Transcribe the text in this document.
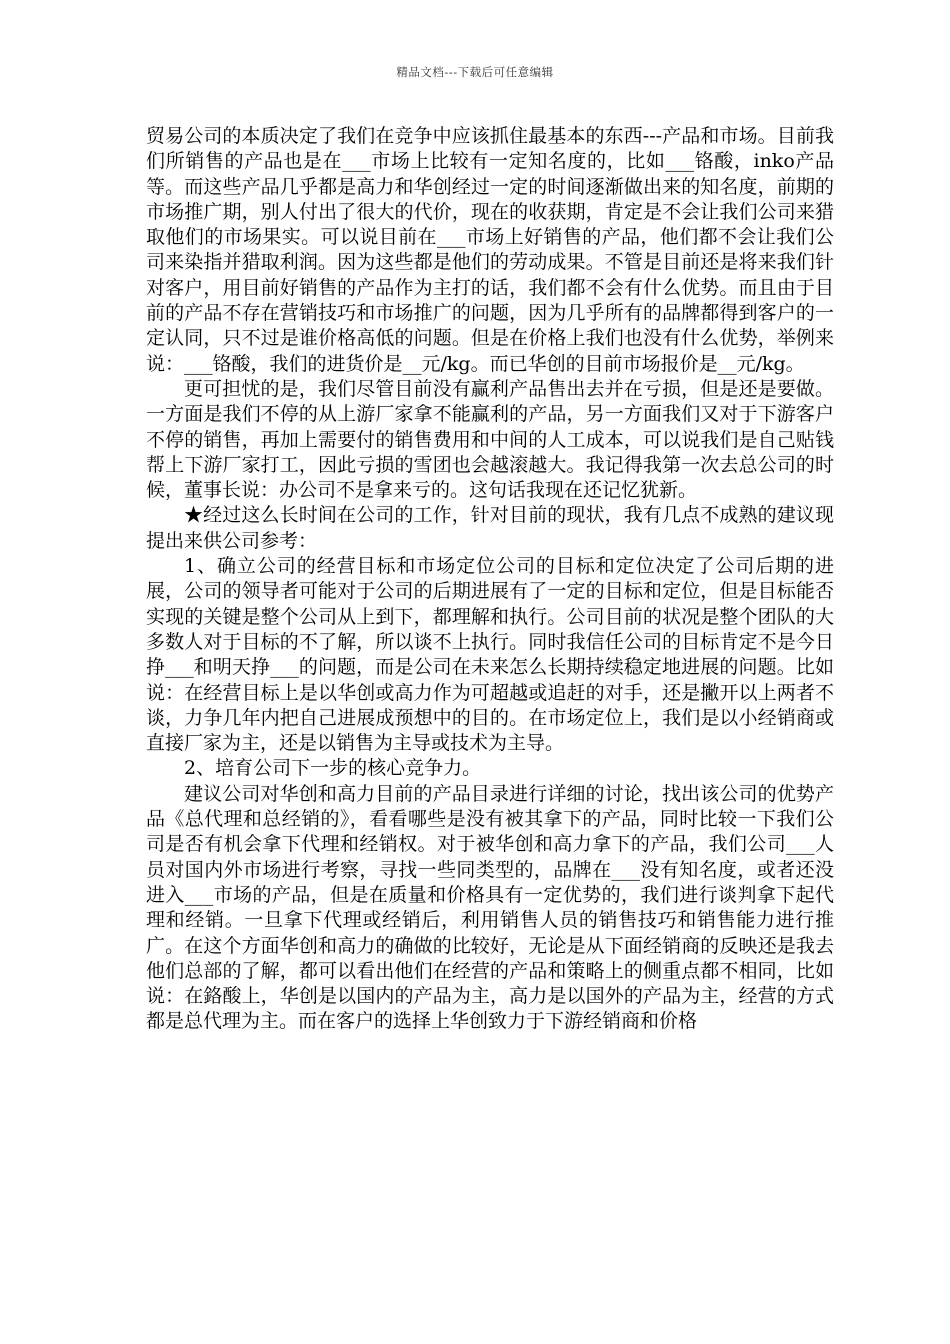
精品文档---下载后可任意编辑

贸易公司的本质决定了我们在竞争中应该抓住最基本的东西---产品和市场。目前我们所销售的产品也是在___市场上比较有一定知名度的，比如___铬酸，inko产品等。而这些产品几乎都是高力和华创经过一定的时间逐渐做出来的知名度，前期的市场推广期，别人付出了很大的代价，现在的收获期，肯定是不会让我们公司来猎取他们的市场果实。可以说目前在___市场上好销售的产品，他们都不会让我们公司来染指并猎取利润。因为这些都是他们的劳动成果。不管是目前还是将来我们针对客户，用目前好销售的产品作为主打的话，我们都不会有什么优势。而且由于目前的产品不存在营销技巧和市场推广的问题，因为几乎所有的品牌都得到客户的一定认同，只不过是谁价格高低的问题。但是在价格上我们也没有什么优势，举例来说：___铬酸，我们的进货价是__元/kg。而已华创的目前市场报价是__元/kg。

更可担忧的是，我们尽管目前没有赢利产品售出去并在亏损，但是还是要做。一方面是我们不停的从上游厂家拿不能赢利的产品，另一方面我们又对于下游客户不停的销售，再加上需要付的销售费用和中间的人工成本，可以说我们是自己贴钱帮上下游厂家打工，因此亏损的雪团也会越滚越大。我记得我第一次去总公司的时候，董事长说：办公司不是拿来亏的。这句话我现在还记忆犹新。

★经过这么长时间在公司的工作，针对目前的现状，我有几点不成熟的建议现提出来供公司参考：

1、确立公司的经营目标和市场定位公司的目标和定位决定了公司后期的进展，公司的领导者可能对于公司的后期进展有了一定的目标和定位，但是目标能否实现的关键是整个公司从上到下，都理解和执行。公司目前的状况是整个团队的大多数人对于目标的不了解，所以谈不上执行。同时我信任公司的目标肯定不是今日挣___和明天挣___的问题，而是公司在未来怎么长期持续稳定地进展的问题。比如说：在经营目标上是以华创或高力作为可超越或追赶的对手，还是撇开以上两者不谈，力争几年内把自己进展成预想中的目的。在市场定位上，我们是以小经销商或直接厂家为主，还是以销售为主导或技术为主导。

2、培育公司下一步的核心竞争力。

建议公司对华创和高力目前的产品目录进行详细的讨论，找出该公司的优势产品《总代理和总经销的》，看看哪些是没有被其拿下的产品，同时比较一下我们公司是否有机会拿下代理和经销权。对于被华创和高力拿下的产品，我们公司___人员对国内外市场进行考察，寻找一些同类型的，品牌在___没有知名度，或者还没进入___市场的产品，但是在质量和价格具有一定优势的，我们进行谈判拿下起代理和经销。一旦拿下代理或经销后，利用销售人员的销售技巧和销售能力进行推广。在这个方面华创和高力的确做的比较好，无论是从下面经销商的反映还是我去他们总部的了解，都可以看出他们在经营的产品和策略上的侧重点都不相同，比如说：在鉻酸上，华创是以国内的产品为主，高力是以国外的产品为主，经营的方式都是总代理为主。而在客户的选择上华创致力于下游经销商和价格
